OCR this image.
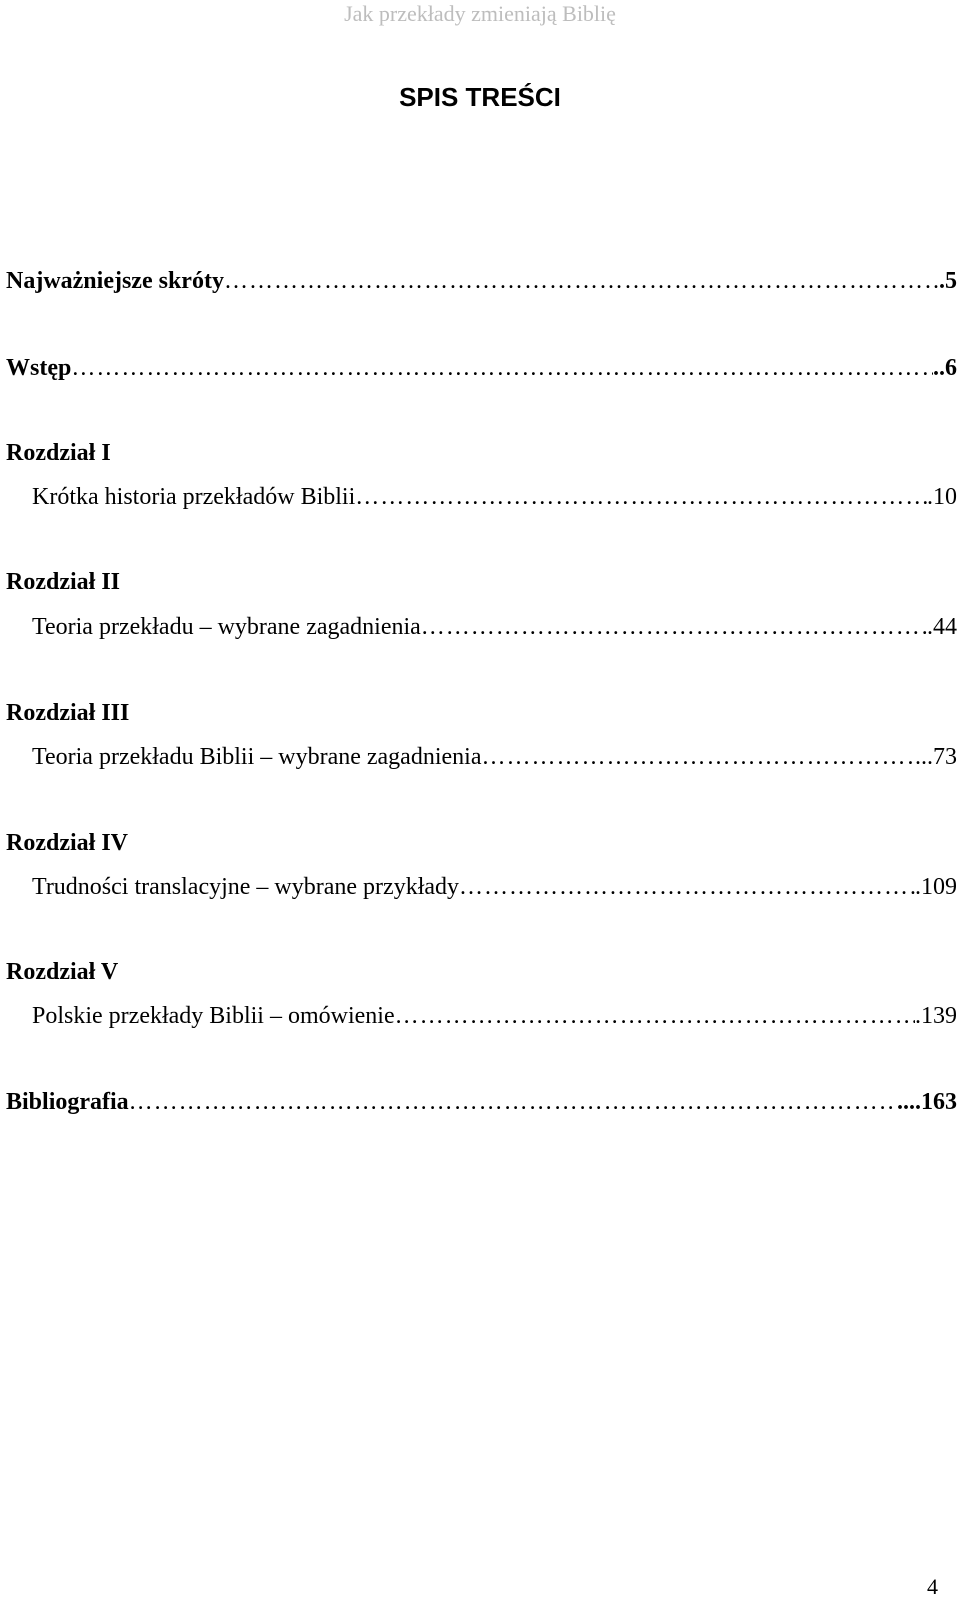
Jak przekłady zmieniają Biblię
SPIS TREŚCI
Najważniejsze skróty …………………………………………………………………………………………………………………………………………………	.5
Wstęp …………………………………………………………………………………………………………………………………………………	..6
Rozdział I
Krótka historia przekładów Biblii …………………………………………………………………………………………………………………………………………………	.10
Rozdział II
Teoria przekładu – wybrane zagadnienia …………………………………………………………………………………………………………………………………………………	.44
Rozdział III
Teoria przekładu Biblii – wybrane zagadnienia …………………………………………………………………………………………………………………………………………………	...73
Rozdział IV
Trudności translacyjne – wybrane przykłady …………………………………………………………………………………………………………………………………………………	.109
Rozdział V
Polskie przekłady Biblii – omówienie …………………………………………………………………………………………………………………………………………………	.139
Bibliografia …………………………………………………………………………………………………………………………………………………	....163
4
